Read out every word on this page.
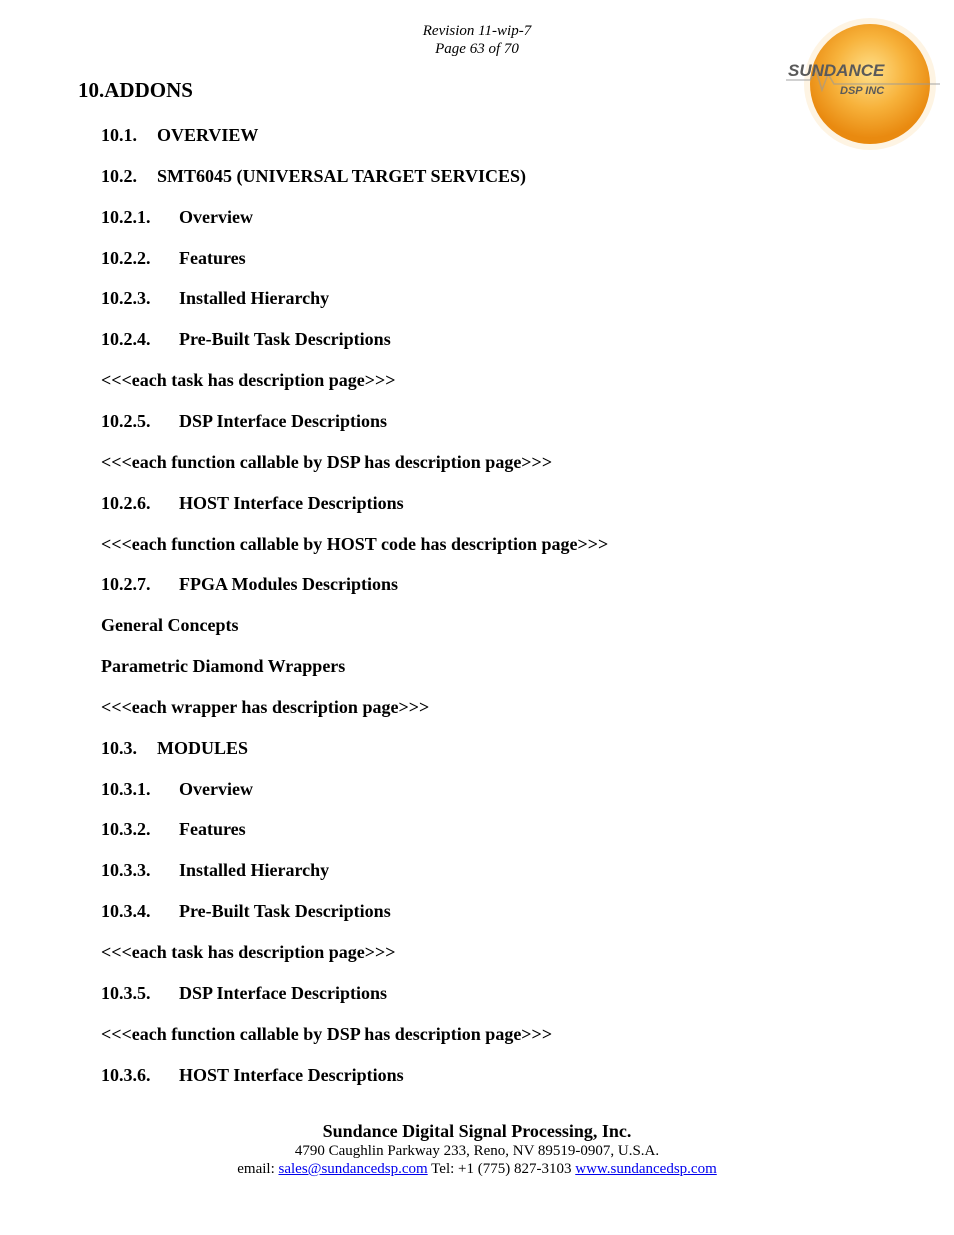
Revision 11-wip-7
Page 63 of 70
SUNDANCE
DSP INC
10.ADDONS
10.1. OVERVIEW
10.2. SMT6045 (UNIVERSAL TARGET SERVICES)
10.2.1. Overview
10.2.2. Features
10.2.3. Installed Hierarchy
10.2.4. Pre-Built Task Descriptions
<<<each task has description page>>>
10.2.5. DSP Interface Descriptions
<<<each function callable by DSP has description page>>>
10.2.6. HOST Interface Descriptions
<<<each function callable by HOST code has description page>>>
10.2.7. FPGA Modules Descriptions
General Concepts
Parametric Diamond Wrappers
<<<each wrapper has description page>>>
10.3. MODULES
10.3.1. Overview
10.3.2. Features
10.3.3. Installed Hierarchy
10.3.4. Pre-Built Task Descriptions
<<<each task has description page>>>
10.3.5. DSP Interface Descriptions
<<<each function callable by DSP has description page>>>
10.3.6. HOST Interface Descriptions
Sundance Digital Signal Processing, Inc.
4790 Caughlin Parkway 233, Reno, NV 89519-0907, U.S.A.
email: sales@sundancedsp.com Tel: +1 (775) 827-3103 www.sundancedsp.com
